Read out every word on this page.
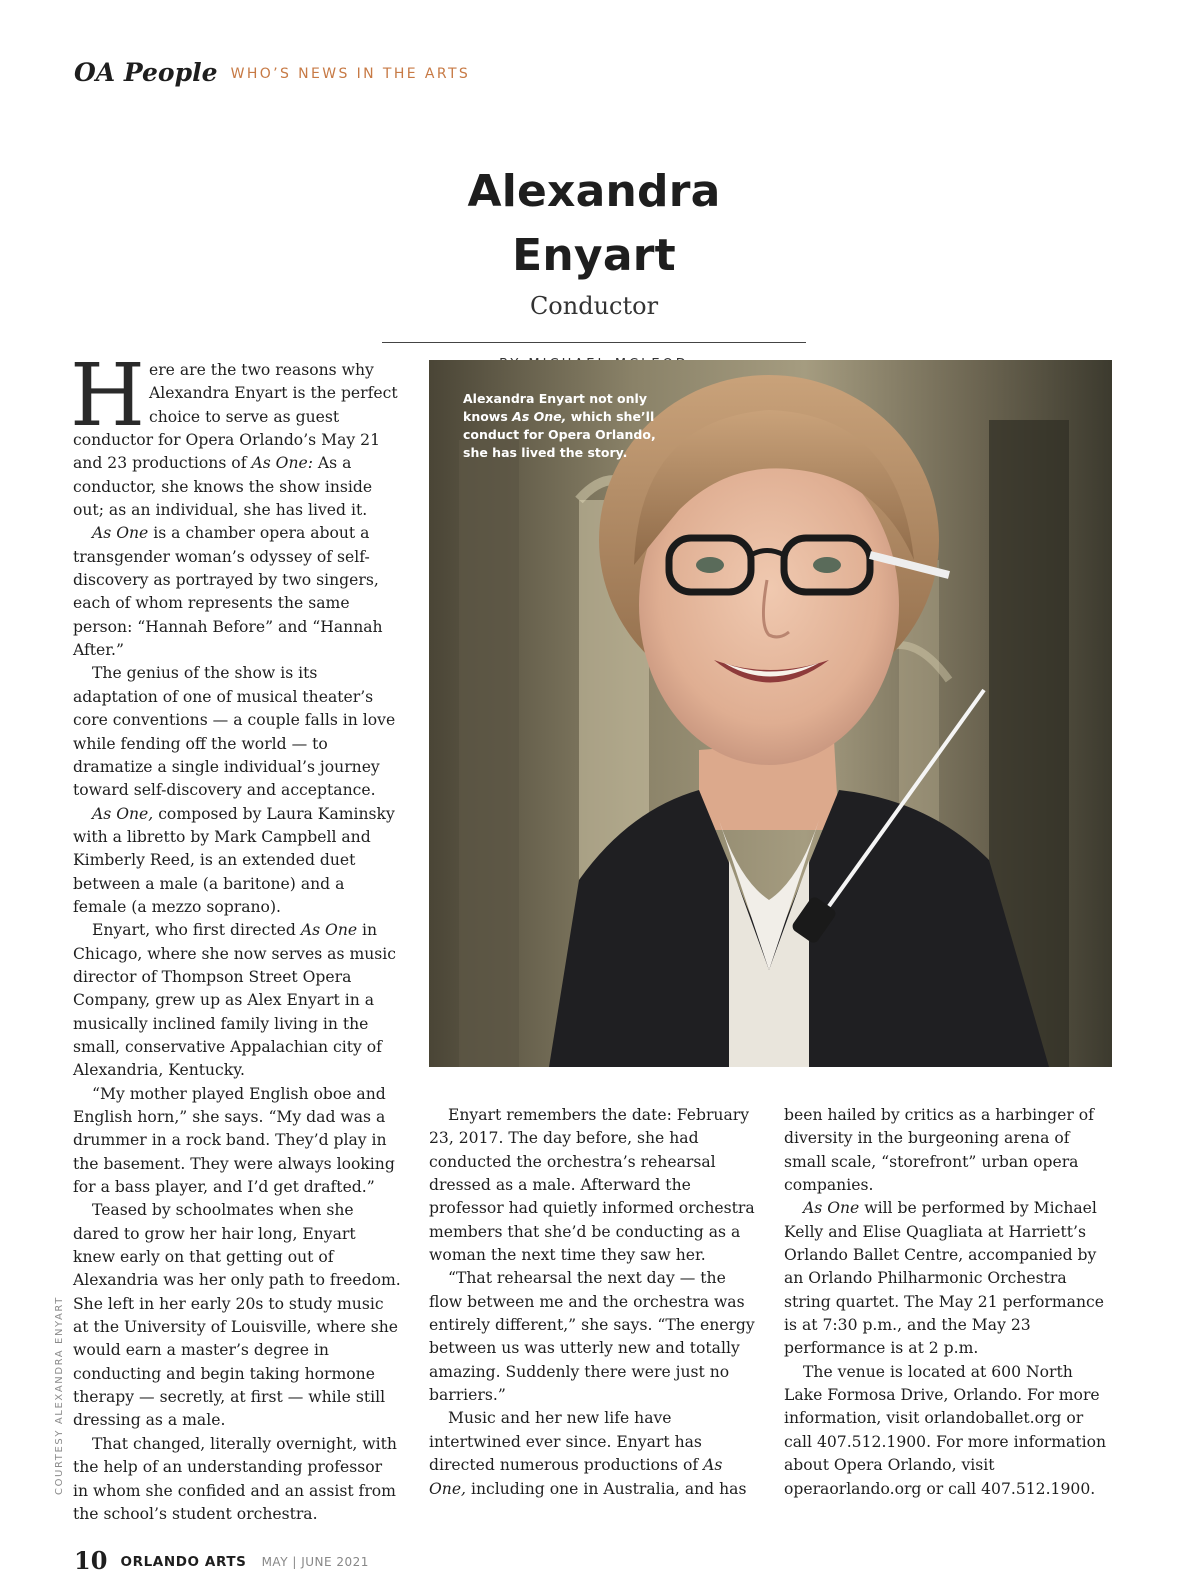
OA People WHO’S NEWS IN THE ARTS
Alexandra Enyart

Conductor

Here are the two reasons why Alexandra Enyart is the perfect choice to serve as guest conductor for Opera Orlando’s May 21 and 23 productions of As One: As a conductor, she knows the show inside out; as an individual, she has lived it.

As One is a chamber opera about a transgender woman’s odyssey of self-discovery as portrayed by two singers, each of whom represents the same person: “Hannah Before” and “Hannah After.”

The genius of the show is its adaptation of one of musical theater’s core conventions — a couple falls in love while fending off the world — to dramatize a single individual’s journey toward self-discovery and acceptance.

As One, composed by Laura Kaminsky with a libretto by Mark Campbell and Kimberly Reed, is an extended duet between a male (a baritone) and a female (a mezzo soprano).

Enyart, who first directed As One in Chicago, where she now serves as music director of Thompson Street Opera Company, grew up as Alex Enyart in a musically inclined family living in the small, conservative Appalachian city of Alexandria, Kentucky.

“My mother played English oboe and English horn,” she says. “My dad was a drummer in a rock band. They’d play in the basement. They were always looking for a bass player, and I’d get drafted.”

Teased by schoolmates when she dared to grow her hair long, Enyart knew early on that getting out of Alexandria was her only path to freedom. She left in her early 20s to study music at the University of Louisville, where she would earn a master’s degree in conducting and begin taking hormone therapy — secretly, at first — while still dressing as a male.

That changed, literally overnight, with the help of an understanding professor in whom she confided and an assist from the school’s student orchestra.

Alexandra Enyart not only knows As One, which she’ll conduct for Opera Orlando, she has lived the story.
COURTESY ALEXANDRA ENYART

Enyart remembers the date: February 23, 2017. The day before, she had conducted the orchestra’s rehearsal dressed as a male. Afterward the professor had quietly informed orchestra members that she’d be conducting as a woman the next time they saw her.

“That rehearsal the next day — the flow between me and the orchestra was entirely different,” she says. “The energy between us was utterly new and totally amazing. Suddenly there were just no barriers.”

Music and her new life have intertwined ever since. Enyart has directed numerous productions of As One, including one in Australia, and has

been hailed by critics as a harbinger of diversity in the burgeoning arena of small scale, “storefront” urban opera companies.

As One will be performed by Michael Kelly and Elise Quagliata at Harriett’s Orlando Ballet Centre, accompanied by an Orlando Philharmonic Orchestra string quartet. The May 21 performance is at 7:30 p.m., and the May 23 performance is at 2 p.m.

The venue is located at 600 North Lake Formosa Drive, Orlando. For more information, visit orlandoballet.org or call 407.512.1900. For more information about Opera Orlando, visit operaorlando.org or call 407.512.1900.

10 ORLANDO ARTS MAY | JUNE 2021
